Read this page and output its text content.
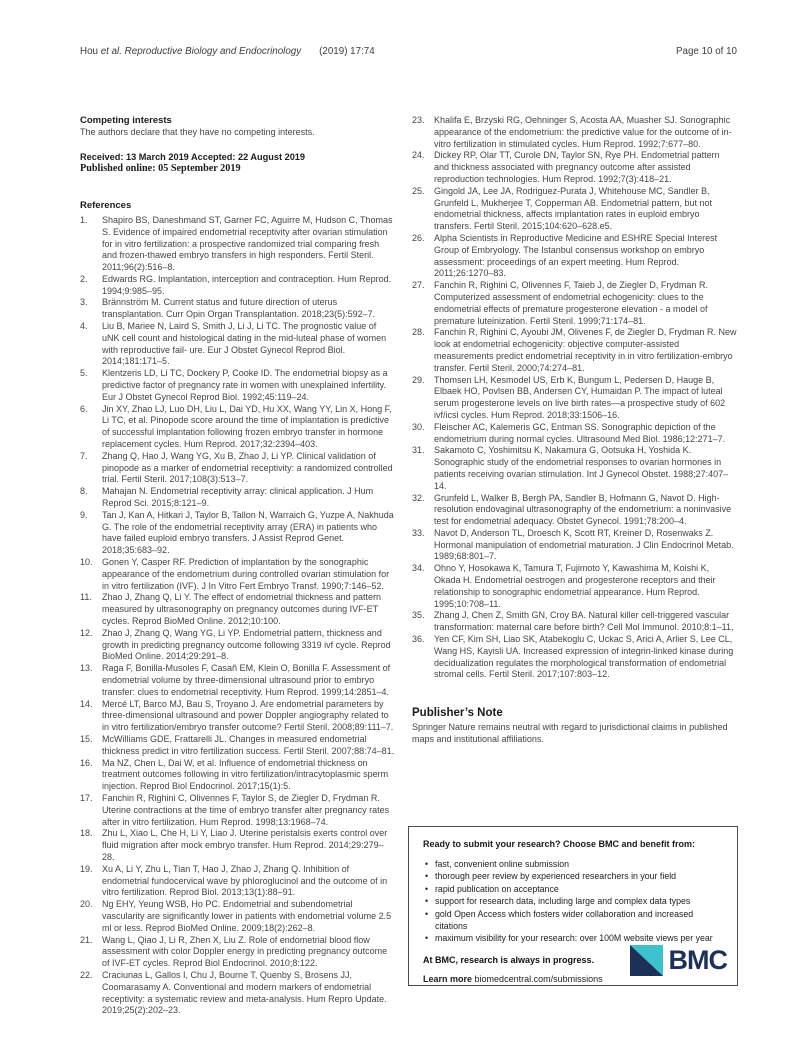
Hou et al. Reproductive Biology and Endocrinology (2019) 17:74	Page 10 of 10
Competing interests
The authors declare that they have no competing interests.
Received: 13 March 2019 Accepted: 22 August 2019
Published online: 05 September 2019
References
1. Shapiro BS, Daneshmand ST, Garner FC, Aguirre M, Hudson C, Thomas S. Evidence of impaired endometrial receptivity after ovarian stimulation for in vitro fertilization: a prospective randomized trial comparing fresh and frozen-thawed embryo transfers in high responders. Fertil Steril. 2011;96(2):516–8.
2. Edwards RG. Implantation, interception and contraception. Hum Reprod. 1994;9:985–95.
3. Brännström M. Current status and future direction of uterus transplantation. Curr Opin Organ Transplantation. 2018;23(5):592–7.
4. Liu B, Mariee N, Laird S, Smith J, Li J, Li TC. The prognostic value of uNK cell count and histological dating in the mid-luteal phase of women with reproductive fail- ure. Eur J Obstet Gynecol Reprod Biol. 2014;181:171–5.
5. Klentzeris LD, Li TC, Dockery P, Cooke ID. The endometrial biopsy as a predictive factor of pregnancy rate in women with unexplained infertility. Eur J Obstet Gynecol Reprod Biol. 1992;45:119–24.
6. Jin XY, Zhao LJ, Luo DH, Liu L, Dai YD, Hu XX, Wang YY, Lin X, Hong F, Li TC, et al. Pinopode score around the time of implantation is predictive of successful implantation following frozen embryo transfer in hormone replacement cycles. Hum Reprod. 2017;32:2394–403.
7. Zhang Q, Hao J, Wang YG, Xu B, Zhao J, Li YP. Clinical validation of pinopode as a marker of endometrial receptivity: a randomized controlled trial. Fertil Steril. 2017;108(3):513–7.
8. Mahajan N. Endometrial receptivity array: clinical application. J Hum Reprod Sci. 2015;8:121–9.
9. Tan J, Kan A, Hitkari J, Taylor B, Tallon N, Warraich G, Yuzpe A, Nakhuda G. The role of the endometrial receptivity array (ERA) in patients who have failed euploid embryo transfers. J Assist Reprod Genet. 2018;35:683–92.
10. Gonen Y, Casper RF. Prediction of implantation by the sonographic appearance of the endometrium during controlled ovarian stimulation for in vitro fertilization (IVF). J In Vitro Fert Embryo Transf. 1990;7:146–52.
11. Zhao J, Zhang Q, Li Y. The effect of endometrial thickness and pattern measured by ultrasonography on pregnancy outcomes during IVF-ET cycles. Reprod BioMed Online. 2012;10:100.
12. Zhao J, Zhang Q, Wang YG, Li YP. Endometrial pattern, thickness and growth in predicting pregnancy outcome following 3319 ivf cycle. Reprod BioMed Online. 2014;29:291–8.
13. Raga F, Bonilla-Musoles F, Casañ EM, Klein O, Bonilla F. Assessment of endometrial volume by three-dimensional ultrasound prior to embryo transfer: clues to endometrial receptivity. Hum Reprod. 1999;14:2851–4.
14. Mercé LT, Barco MJ, Bau S, Troyano J. Are endometrial parameters by three-dimensional ultrasound and power Doppler angiography related to in vitro fertilization/embryo transfer outcome? Fertil Steril. 2008;89:111–7.
15. McWilliams GDE, Frattarelli JL. Changes in measured endometrial thickness predict in vitro fertilization success. Fertil Steril. 2007;88:74–81.
16. Ma NZ, Chen L, Dai W, et al. Influence of endometrial thickness on treatment outcomes following in vitro fertilization/intracytoplasmic sperm injection. Reprod Biol Endocrinol. 2017;15(1):5.
17. Fanchin R, Righini C, Olivennes F, Taylor S, de Ziegler D, Frydman R. Uterine contractions at the time of embryo transfer alter pregnancy rates after in vitro fertilization. Hum Reprod. 1998;13:1968–74.
18. Zhu L, Xiao L, Che H, Li Y, Liao J. Uterine peristalsis exerts control over fluid migration after mock embryo transfer. Hum Reprod. 2014;29:279–28.
19. Xu A, Li Y, Zhu L, Tian T, Hao J, Zhao J, Zhang Q. Inhibition of endometrial fundocervical wave by phloroglucinol and the outcome of in vitro fertilization. Reprod Biol. 2013;13(1):88–91.
20. Ng EHY, Yeung WSB, Ho PC. Endometrial and subendometrial vascularity are significantly lower in patients with endometrial volume 2.5 ml or less. Reprod BioMed Online. 2009;18(2):262–8.
21. Wang L, Qiao J, Li R, Zhen X, Liu Z. Role of endometrial blood flow assessment with color Doppler energy in predicting pregnancy outcome of IVF-ET cycles. Reprod Biol Endocrinol. 2010;8:122.
22. Craciunas L, Gallos I, Chu J, Bourne T, Quenby S, Brosens JJ, Coomarasamy A. Conventional and modern markers of endometrial receptivity: a systematic review and meta-analysis. Hum Repro Update. 2019;25(2):202–23.
23. Khalifa E, Brzyski RG, Oehninger S, Acosta AA, Muasher SJ. Sonographic appearance of the endometrium: the predictive value for the outcome of in-vitro fertilization in stimulated cycles. Hum Reprod. 1992;7:677–80.
24. Dickey RP, Olar TT, Curole DN, Taylor SN, Rye PH. Endometrial pattern and thickness associated with pregnancy outcome after assisted reproduction technologies. Hum Reprod. 1992;7(3):418–21.
25. Gingold JA, Lee JA, Rodriguez-Purata J, Whitehouse MC, Sandler B, Grunfeld L, Mukherjee T, Copperman AB. Endometrial pattern, but not endometrial thickness, affects implantation rates in euploid embryo transfers. Fertil Steril. 2015;104:620–628.e5.
26. Alpha Scientists in Reproductive Medicine and ESHRE Special Interest Group of Embryology. The Istanbul consensus workshop on embryo assessment: proceedings of an expert meeting. Hum Reprod. 2011;26:1270–83.
27. Fanchin R, Righini C, Olivennes F, Taieb J, de Ziegler D, Frydman R. Computerized assessment of endometrial echogenicity: clues to the endometrial effects of premature progesterone elevation - a model of premature luteinization. Fertil Steril. 1999;71:174–81.
28. Fanchin R, Righini C, Ayoubi JM, Olivenes F, de Ziegler D, Frydman R. New look at endometrial echogenicity: objective computer-assisted measurements predict endometrial receptivity in in vitro fertilization-embryo transfer. Fertil Steril. 2000;74:274–81.
29. Thomsen LH, Kesmodel US, Erb K, Bungum L, Pedersen D, Hauge B, Elbaek HO, Povlsen BB, Andersen CY, Humaidan P. The impact of luteal serum progesterone levels on live birth rates—a prospective study of 602 ivf/icsi cycles. Hum Reprod. 2018;33:1506–16.
30. Fleischer AC, Kalemeris GC, Entman SS. Sonographic depiction of the endometrium during normal cycles. Ultrasound Med Biol. 1986;12:271–7.
31. Sakamoto C, Yoshimitsu K, Nakamura G, Ootsuka H, Yoshida K. Sonographic study of the endometrial responses to ovarian hormones in patients receiving ovarian stimulation. Int J Gynecol Obstet. 1988;27:407–14.
32. Grunfeld L, Walker B, Bergh PA, Sandler B, Hofmann G, Navot D. High-resolution endovaginal ultrasonography of the endometrium: a noninvasive test for endometrial adequacy. Obstet Gynecol. 1991;78:200–4.
33. Navot D, Anderson TL, Droesch K, Scott RT, Kreiner D, Rosenwaks Z. Hormonal manipulation of endometrial maturation. J Clin Endocrinol Metab. 1989;68:801–7.
34. Ohno Y, Hosokawa K, Tamura T, Fujimoto Y, Kawashima M, Koishi K, Okada H. Endometrial oestrogen and progesterone receptors and their relationship to sonographic endometrial appearance. Hum Reprod. 1995;10:708–11.
35. Zhang J, Chen Z, Smith GN, Croy BA. Natural killer cell-triggered vascular transformation: maternal care before birth? Cell Mol Immunol. 2010;8:1–11,
36. Yen CF, Kim SH, Liao SK, Atabekoglu C, Uckac S, Arici A, Arlier S, Lee CL, Wang HS, Kayisli UA. Increased expression of integrin-linked kinase during decidualization regulates the morphological transformation of endometrial stromal cells. Fertil Steril. 2017;107:803–12.
Publisher’s Note
Springer Nature remains neutral with regard to jurisdictional claims in published maps and institutional affiliations.
Ready to submit your research? Choose BMC and benefit from:
• fast, convenient online submission
• thorough peer review by experienced researchers in your field
• rapid publication on acceptance
• support for research data, including large and complex data types
• gold Open Access which fosters wider collaboration and increased citations
• maximum visibility for your research: over 100M website views per year
At BMC, research is always in progress.
Learn more biomedcentral.com/submissions
BMC
